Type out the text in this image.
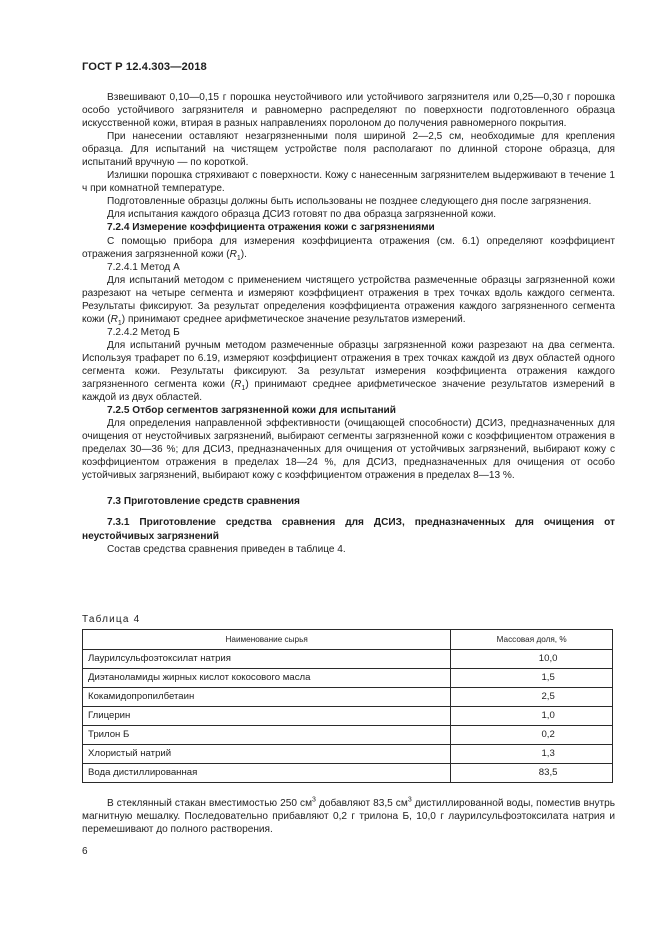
ГОСТ Р 12.4.303—2018

Взвешивают 0,10—0,15 г порошка неустойчивого или устойчивого загрязнителя или 0,25—0,30 г порошка особо устойчивого загрязнителя и равномерно распределяют по поверхности подготовленного образца искусственной кожи, втирая в разных направлениях поролоном до получения равномерного покрытия.

При нанесении оставляют незагрязненными поля шириной 2—2,5 см, необходимые для крепления образца. Для испытаний на чистящем устройстве поля располагают по длинной стороне образца, для испытаний вручную — по короткой.

Излишки порошка стряхивают с поверхности. Кожу с нанесенным загрязнителем выдерживают в течение 1 ч при комнатной температуре.

Подготовленные образцы должны быть использованы не позднее следующего дня после загрязнения.

Для испытания каждого образца ДСИЗ готовят по два образца загрязненной кожи.

7.2.4 Измерение коэффициента отражения кожи с загрязнениями

С помощью прибора для измерения коэффициента отражения (см. 6.1) определяют коэффициент отражения загрязненной кожи $(R_1)$.

7.2.4.1 Метод А

Для испытаний методом с применением чистящего устройства размеченные образцы загрязненной кожи разрезают на четыре сегмента и измеряют коэффициент отражения в трех точках вдоль каждого сегмента. Результаты фиксируют. За результат определения коэффициента отражения каждого загрязненного сегмента кожи $(R_1)$ принимают среднее арифметическое значение результатов измерений.

7.2.4.2 Метод Б

Для испытаний ручным методом размеченные образцы загрязненной кожи разрезают на два сегмента. Используя трафарет по 6.19, измеряют коэффициент отражения в трех точках каждой из двух областей одного сегмента кожи. Результаты фиксируют. За результат измерения коэффициента отражения каждого загрязненного сегмента кожи $(R_1)$ принимают среднее арифметическое значение результатов измерений в каждой из двух областей.

7.2.5 Отбор сегментов загрязненной кожи для испытаний

Для определения направленной эффективности (очищающей способности) ДСИЗ, предназначенных для очищения от неустойчивых загрязнений, выбирают сегменты загрязненной кожи с коэффициентом отражения в пределах 30—36 %; для ДСИЗ, предназначенных для очищения от устойчивых загрязнений, выбирают кожу с коэффициентом отражения в пределах 18—24 %, для ДСИЗ, предназначенных для очищения от особо устойчивых загрязнений, выбирают кожу с коэффициентом отражения в пределах 8—13 %.

7.3 Приготовление средств сравнения

7.3.1 Приготовление средства сравнения для ДСИЗ, предназначенных для очищения от неустойчивых загрязнений

Состав средства сравнения приведен в таблице 4.

Таблица 4
Наименование сырья	Массовая доля, %
Лаурилсульфоэтоксилат натрия	10,0
Диэтаноламиды жирных кислот кокосового масла	1,5
Кокамидопропилбетаин	2,5
Глицерин	1,0
Трилон Б	0,2
Хлористый натрий	1,3
Вода дистиллированная	83,5

В стеклянный стакан вместимостью 250 $см^3$ добавляют 83,5 $см^3$ дистиллированной воды, поместив внутрь магнитную мешалку. Последовательно прибавляют 0,2 г трилона Б, 10,0 г лаурилсульфоэтоксилата натрия и перемешивают до полного растворения.

6
